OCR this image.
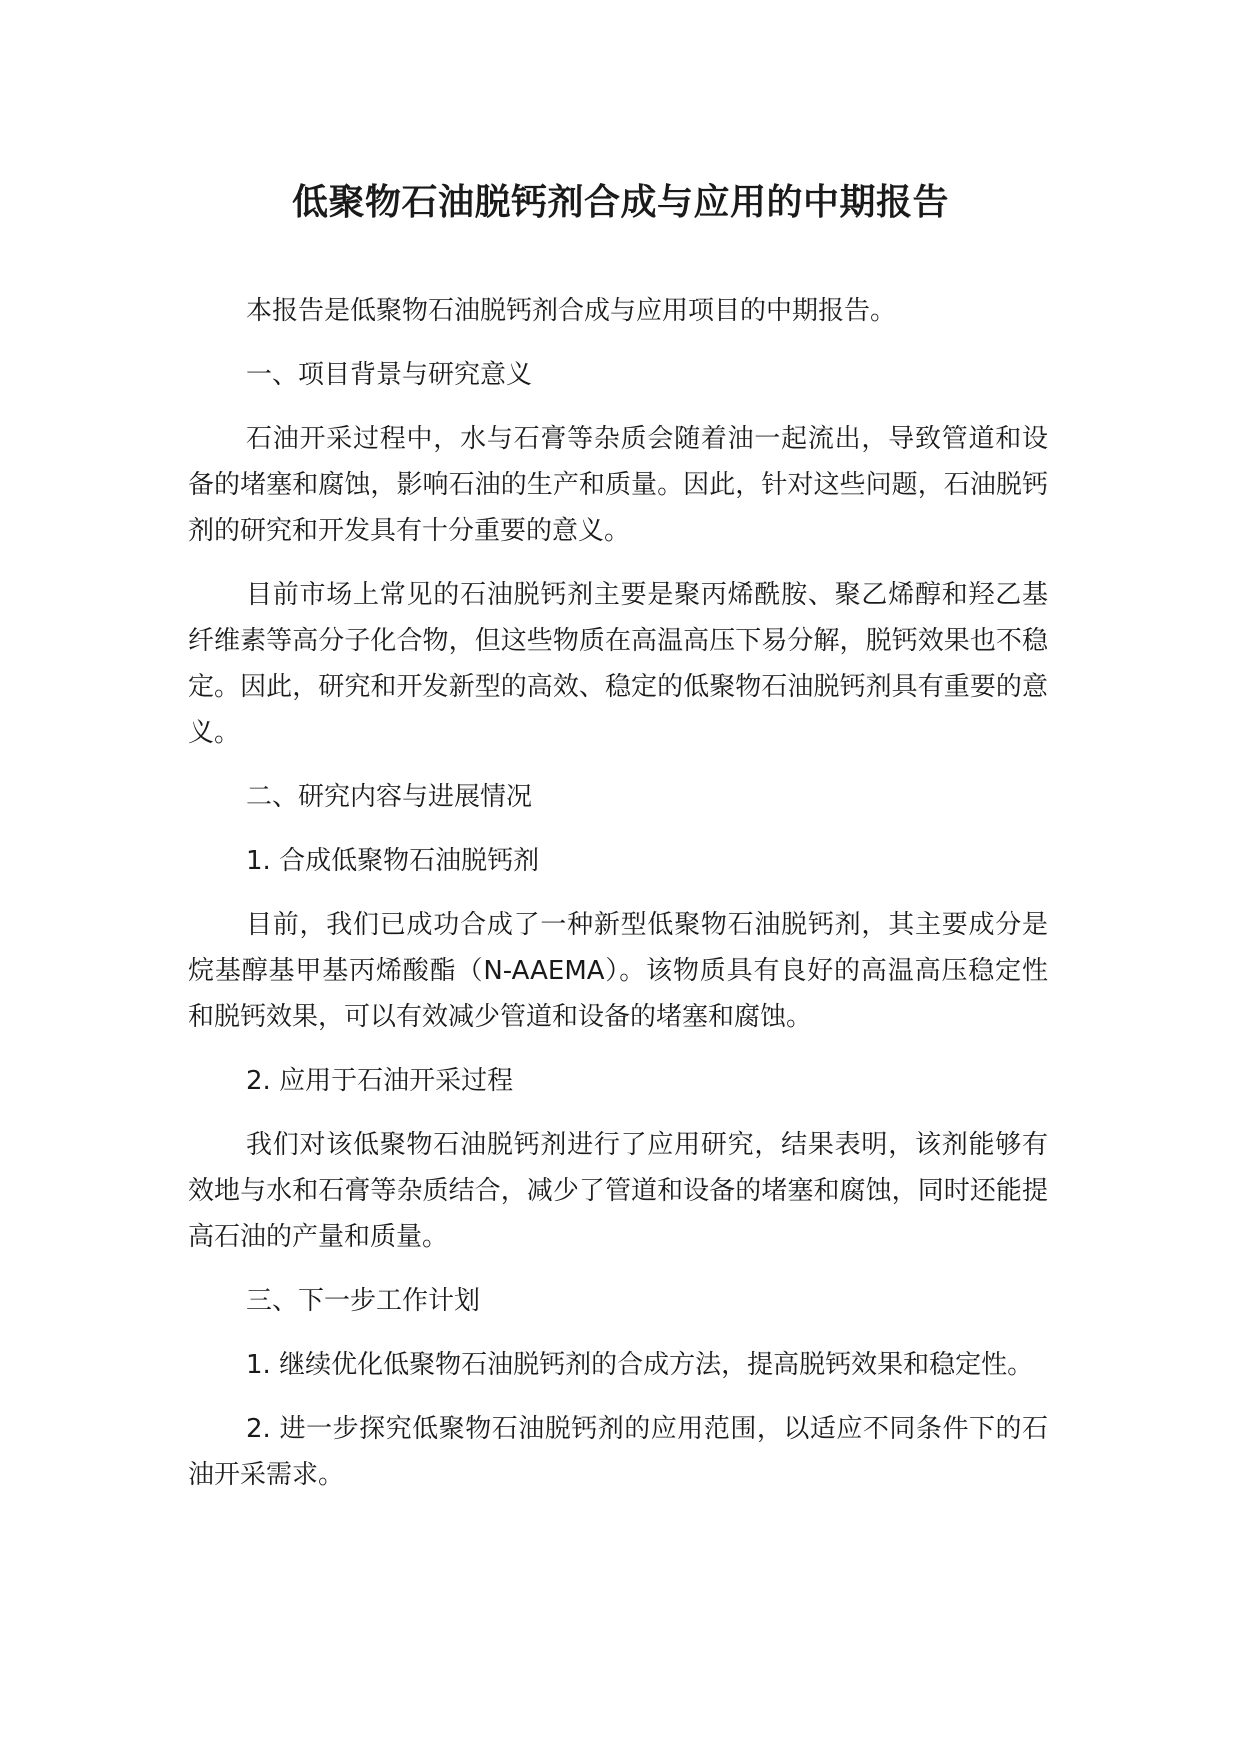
低聚物石油脱钙剂合成与应用的中期报告

本报告是低聚物石油脱钙剂合成与应用项目的中期报告。

一、项目背景与研究意义

石油开采过程中，水与石膏等杂质会随着油一起流出，导致管道和设备的堵塞和腐蚀，影响石油的生产和质量。因此，针对这些问题，石油脱钙剂的研究和开发具有十分重要的意义。

目前市场上常见的石油脱钙剂主要是聚丙烯酰胺、聚乙烯醇和羟乙基纤维素等高分子化合物，但这些物质在高温高压下易分解，脱钙效果也不稳定。因此，研究和开发新型的高效、稳定的低聚物石油脱钙剂具有重要的意义。

二、研究内容与进展情况

1. 合成低聚物石油脱钙剂

目前，我们已成功合成了一种新型低聚物石油脱钙剂，其主要成分是烷基醇基甲基丙烯酸酯（N-AAEMA）。该物质具有良好的高温高压稳定性和脱钙效果，可以有效减少管道和设备的堵塞和腐蚀。

2. 应用于石油开采过程

我们对该低聚物石油脱钙剂进行了应用研究，结果表明，该剂能够有效地与水和石膏等杂质结合，减少了管道和设备的堵塞和腐蚀，同时还能提高石油的产量和质量。

三、下一步工作计划

1. 继续优化低聚物石油脱钙剂的合成方法，提高脱钙效果和稳定性。

2. 进一步探究低聚物石油脱钙剂的应用范围，以适应不同条件下的石油开采需求。
